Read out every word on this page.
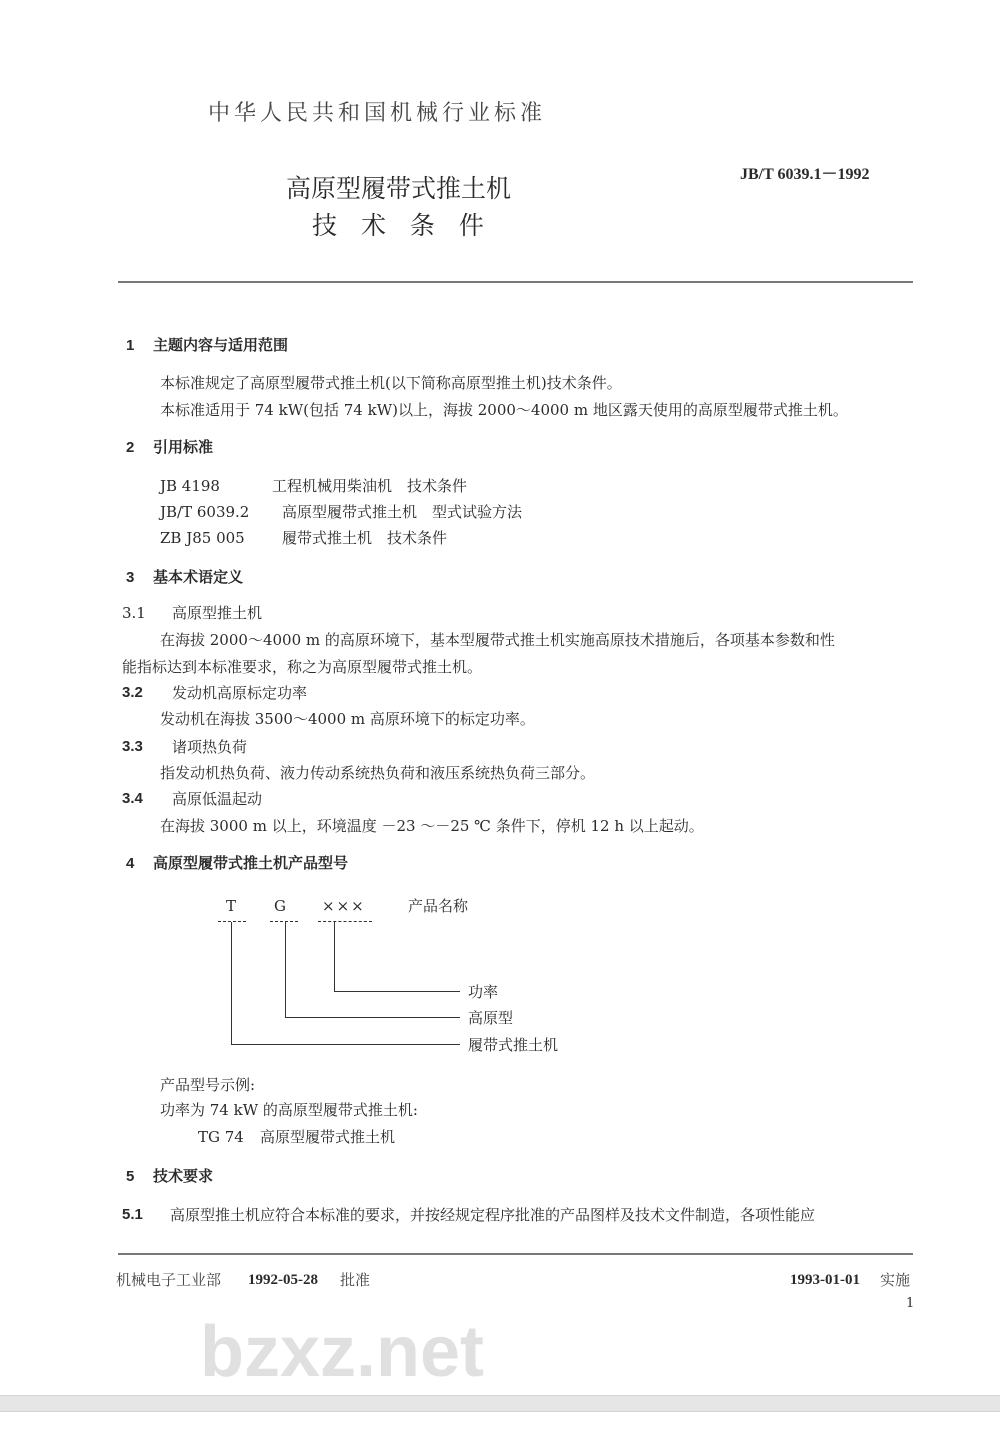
中华人民共和国机械行业标准
JB/T 6039.1－1992
高原型履带式推土机
技 术 条 件
1 主题内容与适用范围
本标准规定了高原型履带式推土机(以下简称高原型推土机)技术条件。
本标准适用于 74 kW(包括 74 kW)以上，海拔 2000～4000 m 地区露天使用的高原型履带式推土机。
2 引用标准
JB 4198	工程机械用柴油机　技术条件
JB/T 6039.2 高原型履带式推土机　型式试验方法
ZB J85 005 履带式推土机　技术条件
3 基本术语定义
3.1 高原型推土机
在海拔 2000～4000 m 的高原环境下，基本型履带式推土机实施高原技术措施后，各项基本参数和性
能指标达到本标准要求，称之为高原型履带式推土机。
3.2 发动机高原标定功率
发动机在海拔 3500～4000 m 高原环境下的标定功率。
3.3 诸项热负荷
指发动机热负荷、液力传动系统热负荷和液压系统热负荷三部分。
3.4 高原低温起动
在海拔 3000 m 以上，环境温度 －23 ～－25 ℃ 条件下，停机 12 h 以上起动。
4 高原型履带式推土机产品型号
T	G ×××	产品名称
功率
高原型
履带式推土机
产品型号示例:
功率为 74 kW 的高原型履带式推土机:
TG 74 高原型履带式推土机
5 技术要求
5.1 高原型推土机应符合本标准的要求，并按经规定程序批准的产品图样及技术文件制造，各项性能应
机械电子工业部 1992-05-28 批准	1993-01-01 实施
1
bzxz.net
